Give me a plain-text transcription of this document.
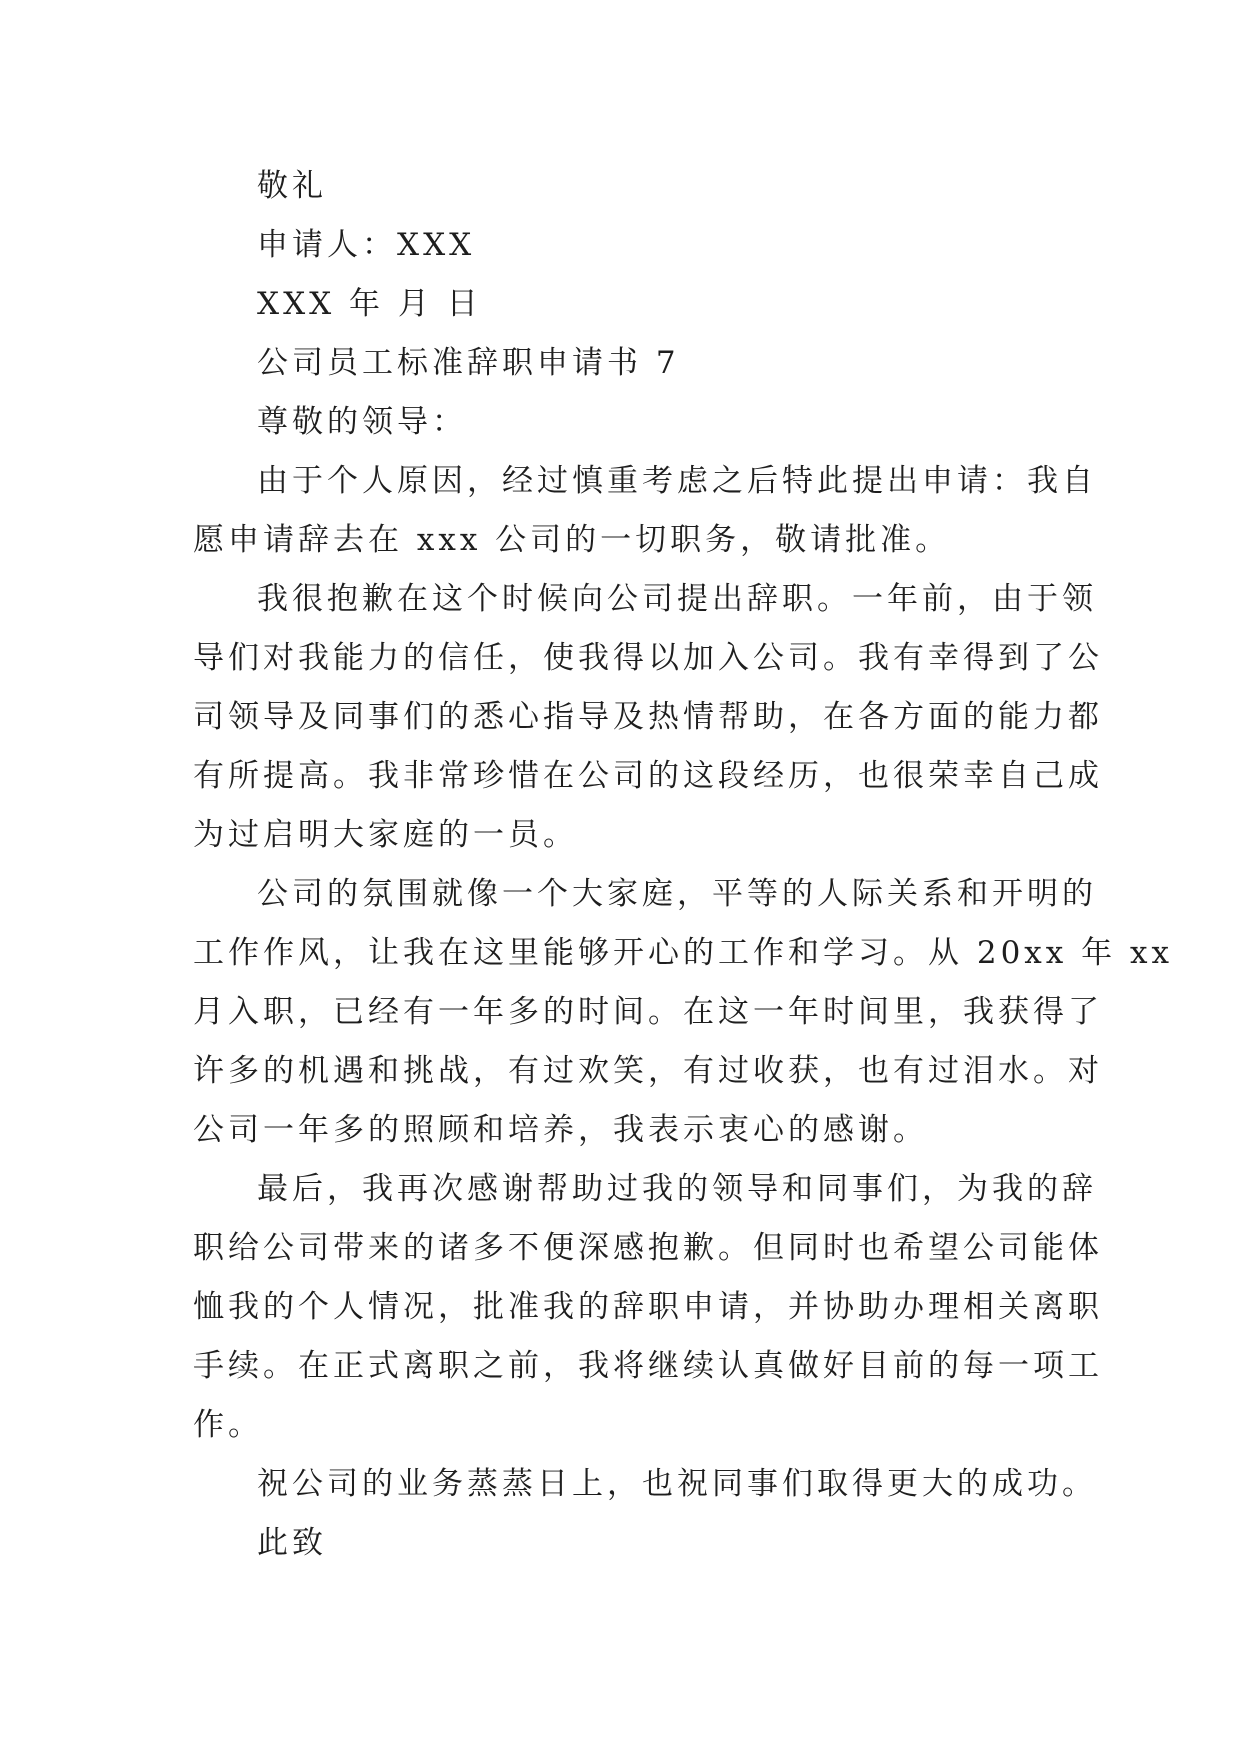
敬礼
申请人：XXX
XXX 年 月 日
公司员工标准辞职申请书 7
尊敬的领导：
由于个人原因，经过慎重考虑之后特此提出申请：我自
愿申请辞去在 xxx 公司的一切职务，敬请批准。
我很抱歉在这个时候向公司提出辞职。一年前，由于领
导们对我能力的信任，使我得以加入公司。我有幸得到了公
司领导及同事们的悉心指导及热情帮助，在各方面的能力都
有所提高。我非常珍惜在公司的这段经历，也很荣幸自己成
为过启明大家庭的一员。
公司的氛围就像一个大家庭，平等的人际关系和开明的
工作作风，让我在这里能够开心的工作和学习。从 20xx 年 xx
月入职，已经有一年多的时间。在这一年时间里，我获得了
许多的机遇和挑战，有过欢笑，有过收获，也有过泪水。对
公司一年多的照顾和培养，我表示衷心的感谢。
最后，我再次感谢帮助过我的领导和同事们，为我的辞
职给公司带来的诸多不便深感抱歉。但同时也希望公司能体
恤我的个人情况，批准我的辞职申请，并协助办理相关离职
手续。在正式离职之前，我将继续认真做好目前的每一项工
作。
祝公司的业务蒸蒸日上，也祝同事们取得更大的成功。
此致
